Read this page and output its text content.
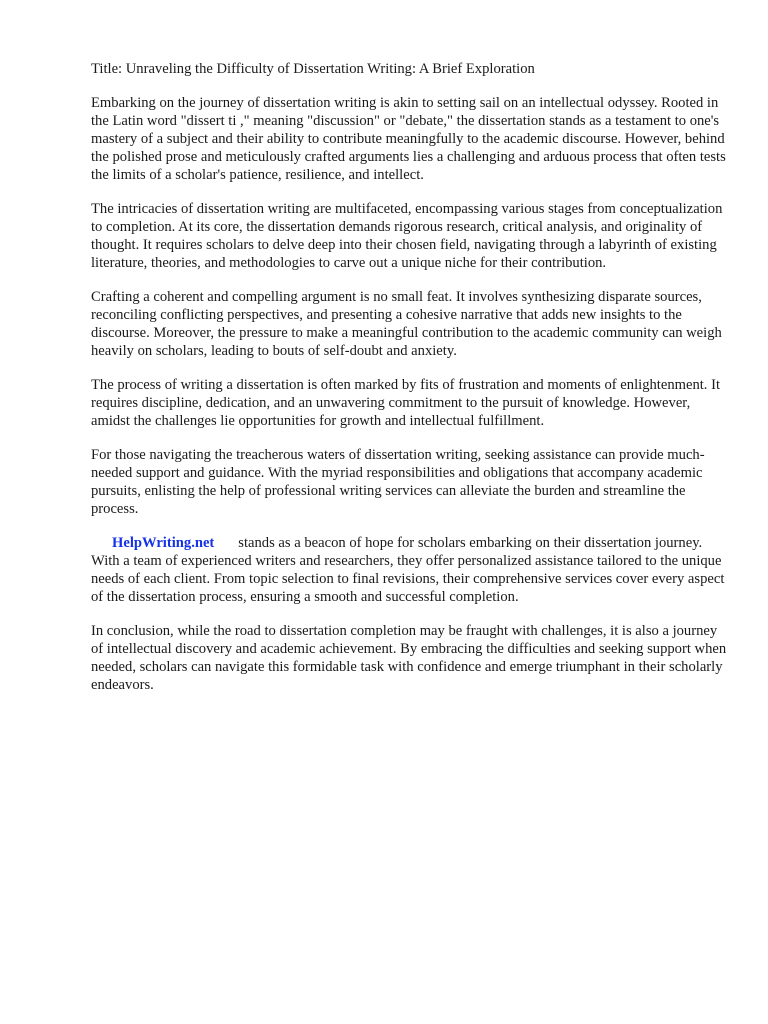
Title: Unraveling the Difficulty of Dissertation Writing: A Brief Exploration

Embarking on the journey of dissertation writing is akin to setting sail on an intellectual odyssey. Rooted in the Latin word "dissert ti ," meaning "discussion" or "debate," the dissertation stands as a testament to one's mastery of a subject and their ability to contribute meaningfully to the academic discourse. However, behind the polished prose and meticulously crafted arguments lies a challenging and arduous process that often tests the limits of a scholar's patience, resilience, and intellect.

The intricacies of dissertation writing are multifaceted, encompassing various stages from conceptualization to completion. At its core, the dissertation demands rigorous research, critical analysis, and originality of thought. It requires scholars to delve deep into their chosen field, navigating through a labyrinth of existing literature, theories, and methodologies to carve out a unique niche for their contribution.

Crafting a coherent and compelling argument is no small feat. It involves synthesizing disparate sources, reconciling conflicting perspectives, and presenting a cohesive narrative that adds new insights to the discourse. Moreover, the pressure to make a meaningful contribution to the academic community can weigh heavily on scholars, leading to bouts of self-doubt and anxiety.

The process of writing a dissertation is often marked by fits of frustration and moments of enlightenment. It requires discipline, dedication, and an unwavering commitment to the pursuit of knowledge. However, amidst the challenges lie opportunities for growth and intellectual fulfillment.

For those navigating the treacherous waters of dissertation writing, seeking assistance can provide much-needed support and guidance. With the myriad responsibilities and obligations that accompany academic pursuits, enlisting the help of professional writing services can alleviate the burden and streamline the process.

HelpWriting.net stands as a beacon of hope for scholars embarking on their dissertation journey. With a team of experienced writers and researchers, they offer personalized assistance tailored to the unique needs of each client. From topic selection to final revisions, their comprehensive services cover every aspect of the dissertation process, ensuring a smooth and successful completion.

In conclusion, while the road to dissertation completion may be fraught with challenges, it is also a journey of intellectual discovery and academic achievement. By embracing the difficulties and seeking support when needed, scholars can navigate this formidable task with confidence and emerge triumphant in their scholarly endeavors.
